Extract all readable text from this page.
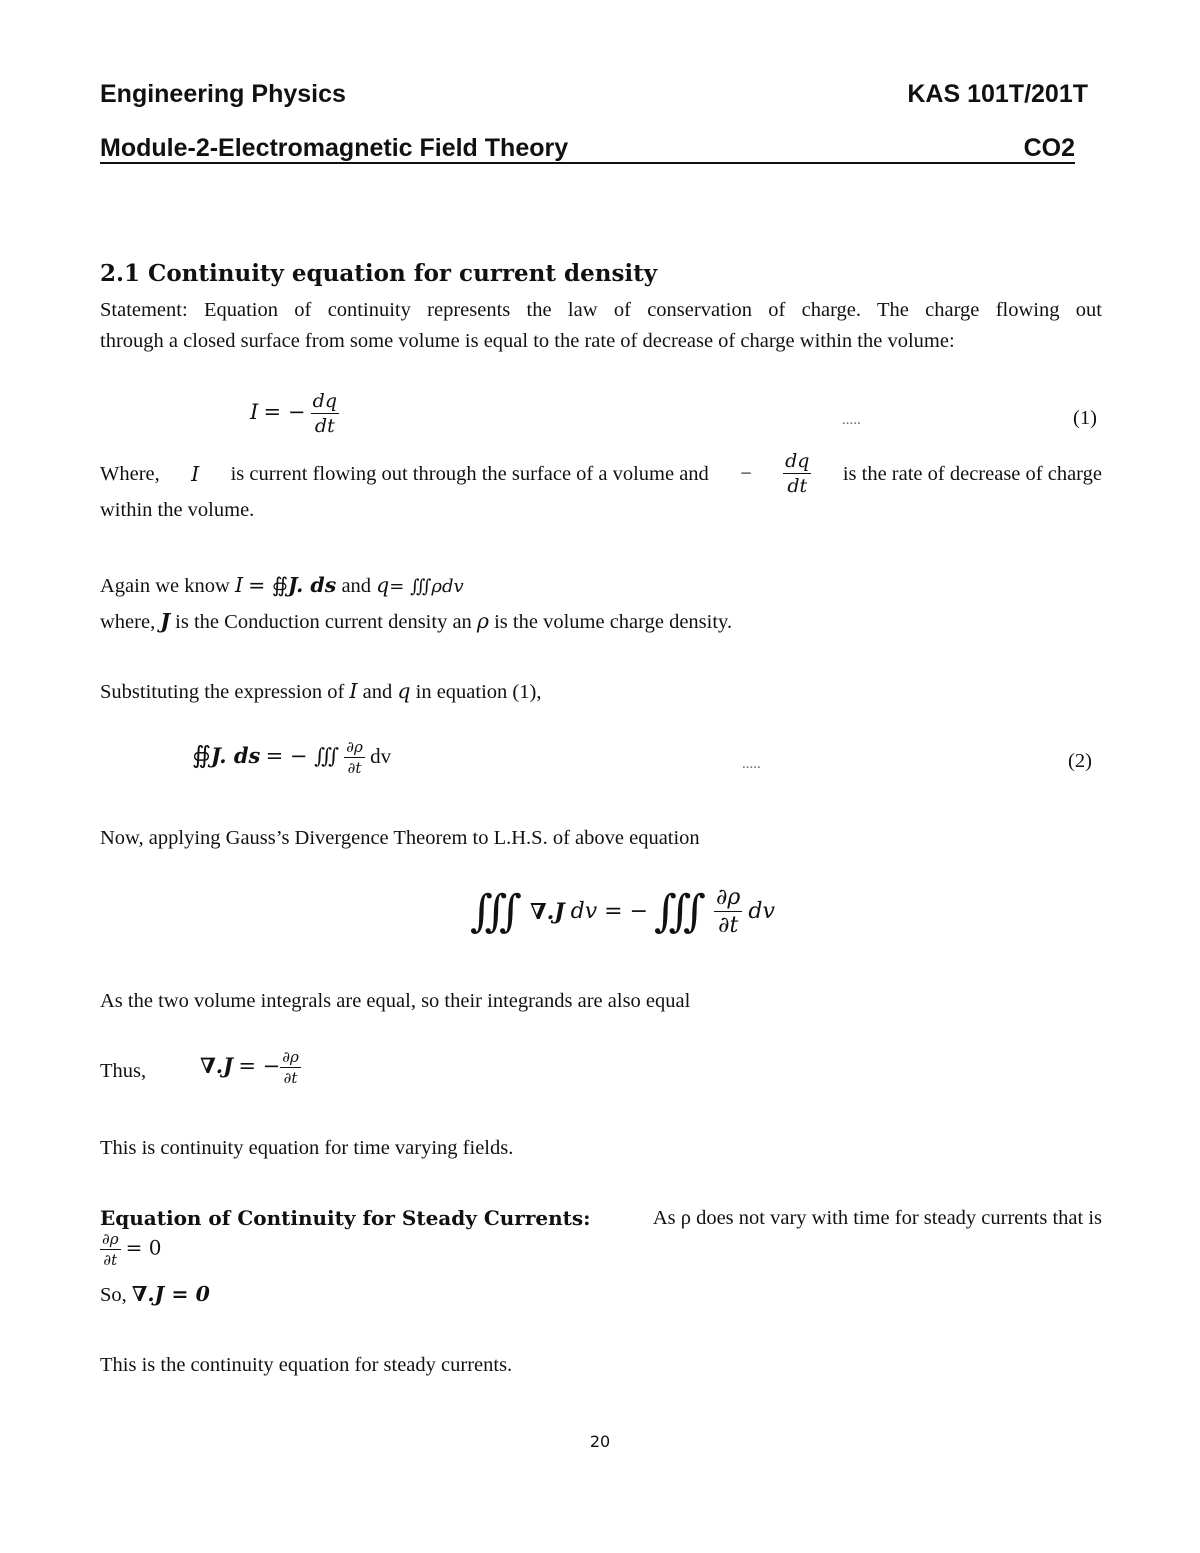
Engineering Physics	KAS 101T/201T
Module-2-Electromagnetic Field Theory	CO2
2.1 Continuity equation for current density
Statement: Equation of continuity represents the law of conservation of charge. The charge flowing out
through a closed surface from some volume is equal to the rate of decrease of charge within the volume:
I = − $\frac{dq}{dt}$	.....	(1)
Where, I is current flowing out through the surface of a volume and − $\frac{dq}{dt}$ is the rate of decrease of charge
within the volume.
Again we know I = ∯J. ds and q= ∭ρdv
where, J is the Conduction current density an ρ is the volume charge density.
Substituting the expression of I and q in equation (1),
∯J. ds = − ∭ $\frac{\partial\rho}{\partial t}$ dv	.....	(2)
Now, applying Gauss’s Divergence Theorem to L.H.S. of above equation
∭ ∇.J dv = − ∭ $\frac{\partial\rho}{\partial t}$ dv
As the two volume integrals are equal, so their integrands are also equal
Thus,	∇.J = − $\frac{\partial\rho}{\partial t}$
This is continuity equation for time varying fields.
Equation of Continuity for Steady Currents:	As ρ does not vary with time for steady currents that is
$\frac{\partial\rho}{\partial t} = 0$
So, ∇.J = 0
This is the continuity equation for steady currents.
20
